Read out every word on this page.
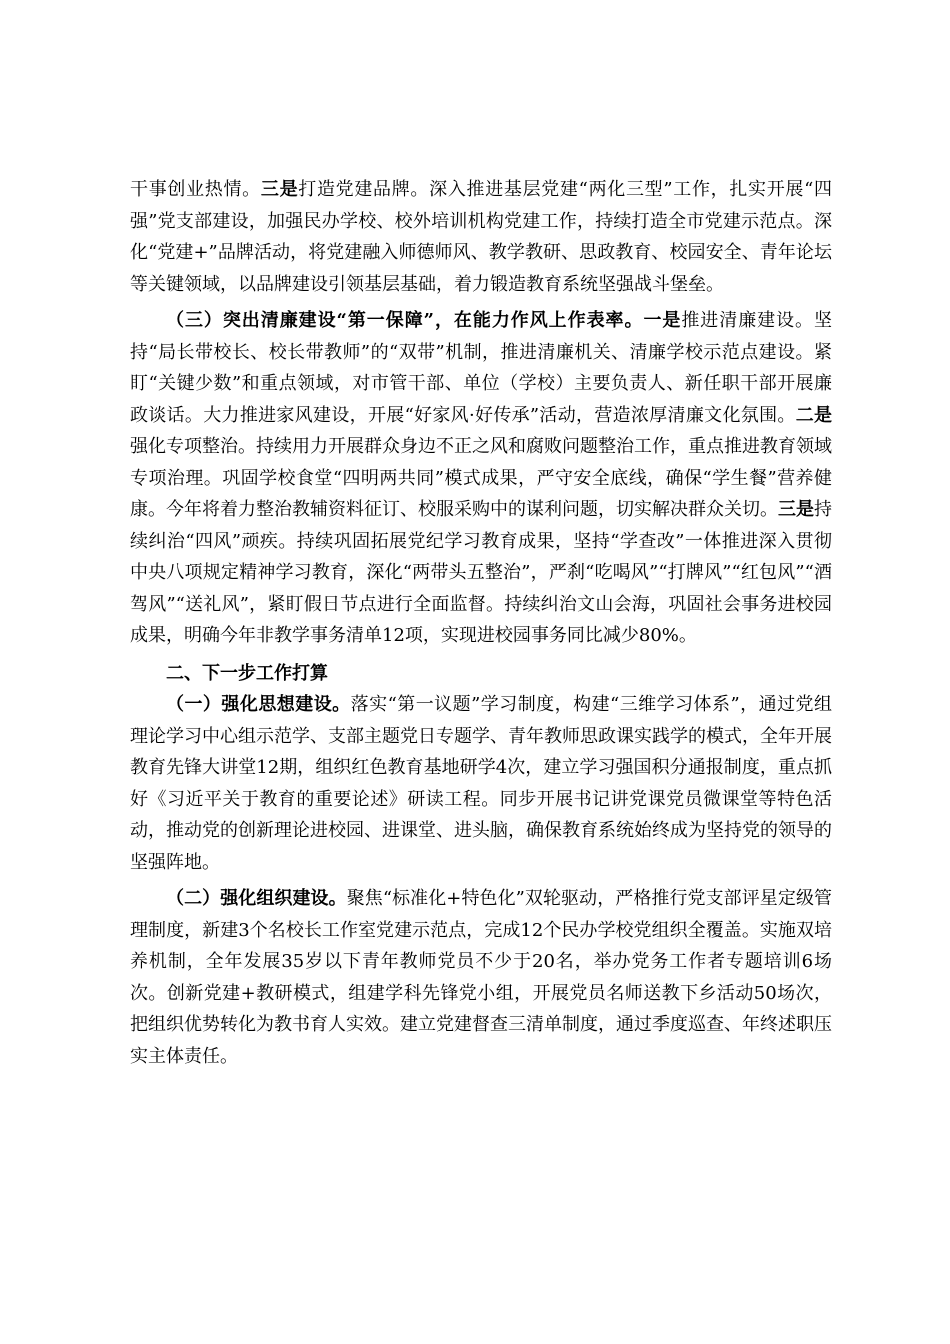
干事创业热情。三是打造党建品牌。深入推进基层党建“两化三型”工作，扎实开展“四强”党支部建设，加强民办学校、校外培训机构党建工作，持续打造全市党建示范点。深化“党建+”品牌活动，将党建融入师德师风、教学教研、思政教育、校园安全、青年论坛等关键领域，以品牌建设引领基层基础，着力锻造教育系统坚强战斗堡垒。

（三）突出清廉建设“第一保障”，在能力作风上作表率。一是推进清廉建设。坚持“局长带校长、校长带教师”的“双带”机制，推进清廉机关、清廉学校示范点建设。紧盯“关键少数”和重点领域，对市管干部、单位（学校）主要负责人、新任职干部开展廉政谈话。大力推进家风建设，开展“好家风·好传承”活动，营造浓厚清廉文化氛围。二是强化专项整治。持续用力开展群众身边不正之风和腐败问题整治工作，重点推进教育领域专项治理。巩固学校食堂“四明两共同”模式成果，严守安全底线，确保“学生餐”营养健康。今年将着力整治教辅资料征订、校服采购中的谋利问题，切实解决群众关切。三是持续纠治“四风”顽疾。持续巩固拓展党纪学习教育成果，坚持“学查改”一体推进深入贯彻中央八项规定精神学习教育，深化“两带头五整治”，严刹“吃喝风”“打牌风”“红包风”“酒驾风”“送礼风”，紧盯假日节点进行全面监督。持续纠治文山会海，巩固社会事务进校园成果，明确今年非教学事务清单12项，实现进校园事务同比减少80%。

二、下一步工作打算

（一）强化思想建设。落实“第一议题”学习制度，构建“三维学习体系”，通过党组理论学习中心组示范学、支部主题党日专题学、青年教师思政课实践学的模式，全年开展教育先锋大讲堂12期，组织红色教育基地研学4次，建立学习强国积分通报制度，重点抓好《习近平关于教育的重要论述》研读工程。同步开展书记讲党课党员微课堂等特色活动，推动党的创新理论进校园、进课堂、进头脑，确保教育系统始终成为坚持党的领导的坚强阵地。

（二）强化组织建设。聚焦“标准化+特色化”双轮驱动，严格推行党支部评星定级管理制度，新建3个名校长工作室党建示范点，完成12个民办学校党组织全覆盖。实施双培养机制，全年发展35岁以下青年教师党员不少于20名，举办党务工作者专题培训6场次。创新党建+教研模式，组建学科先锋党小组，开展党员名师送教下乡活动50场次，把组织优势转化为教书育人实效。建立党建督查三清单制度，通过季度巡查、年终述职压实主体责任。
